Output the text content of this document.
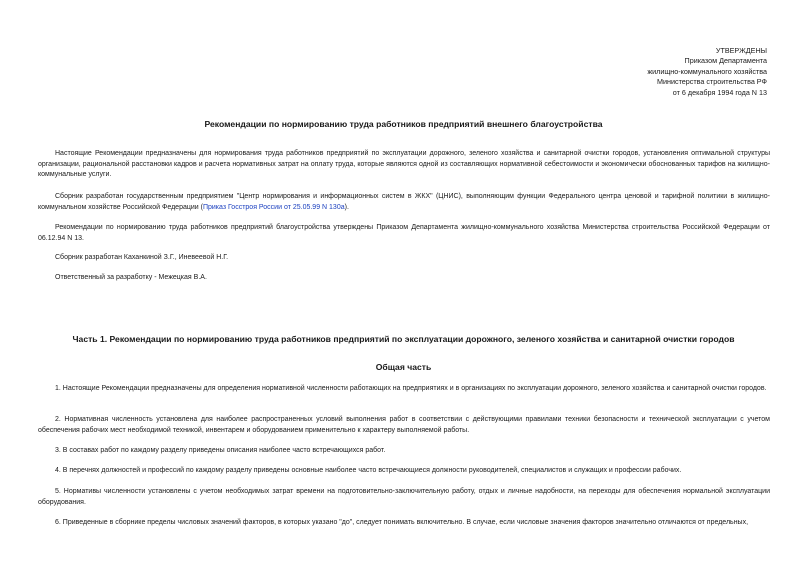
УТВЕРЖДЕНЫ
Приказом Департамента
жилищно-коммунального хозяйства
Министерства строительства РФ
от 6 декабря 1994 года N 13
Рекомендации по нормированию труда работников предприятий внешнего благоустройства
Настоящие Рекомендации предназначены для нормирования труда работников предприятий по эксплуатации дорожного, зеленого хозяйства и санитарной очистки городов, установления оптимальной структуры организации, рациональной расстановки кадров и расчета нормативных затрат на оплату труда, которые являются одной из составляющих нормативной себестоимости и экономически обоснованных тарифов на жилищно-коммунальные услуги.
Сборник разработан государственным предприятием "Центр нормирования и информационных систем в ЖКХ" (ЦНИС), выполняющим функции Федерального центра ценовой и тарифной политики в жилищно-коммунальном хозяйстве Российской Федерации (Приказ Госстроя России от 25.05.99 N 130а).
Рекомендации по нормированию труда работников предприятий благоустройства утверждены Приказом Департамента жилищно-коммунального хозяйства Министерства строительства Российской Федерации от 06.12.94 N 13.
Сборник разработан Каханкиной З.Г., Иневеевой Н.Г.
Ответственный за разработку - Межецкая В.А.
Часть 1. Рекомендации по нормированию труда работников предприятий по эксплуатации дорожного, зеленого хозяйства и санитарной очистки городов
Общая часть
1. Настоящие Рекомендации предназначены для определения нормативной численности работающих на предприятиях и в организациях по эксплуатации дорожного, зеленого хозяйства и санитарной очистки городов.
2. Нормативная численность установлена для наиболее распространенных условий выполнения работ в соответствии с действующими правилами техники безопасности и технической эксплуатации с учетом обеспечения рабочих мест необходимой техникой, инвентарем и оборудованием применительно к характеру выполняемой работы.
3. В составах работ по каждому разделу приведены описания наиболее часто встречающихся работ.
4. В перечнях должностей и профессий по каждому разделу приведены основные наиболее часто встречающиеся должности руководителей, специалистов и служащих и профессии рабочих.
5. Нормативы численности установлены с учетом необходимых затрат времени на подготовительно-заключительную работу, отдых и личные надобности, на переходы для обеспечения нормальной эксплуатации оборудования.
6. Приведенные в сборнике пределы числовых значений факторов, в которых указано "до", следует понимать включительно. В случае, если числовые значения факторов значительно отличаются от предельных,
